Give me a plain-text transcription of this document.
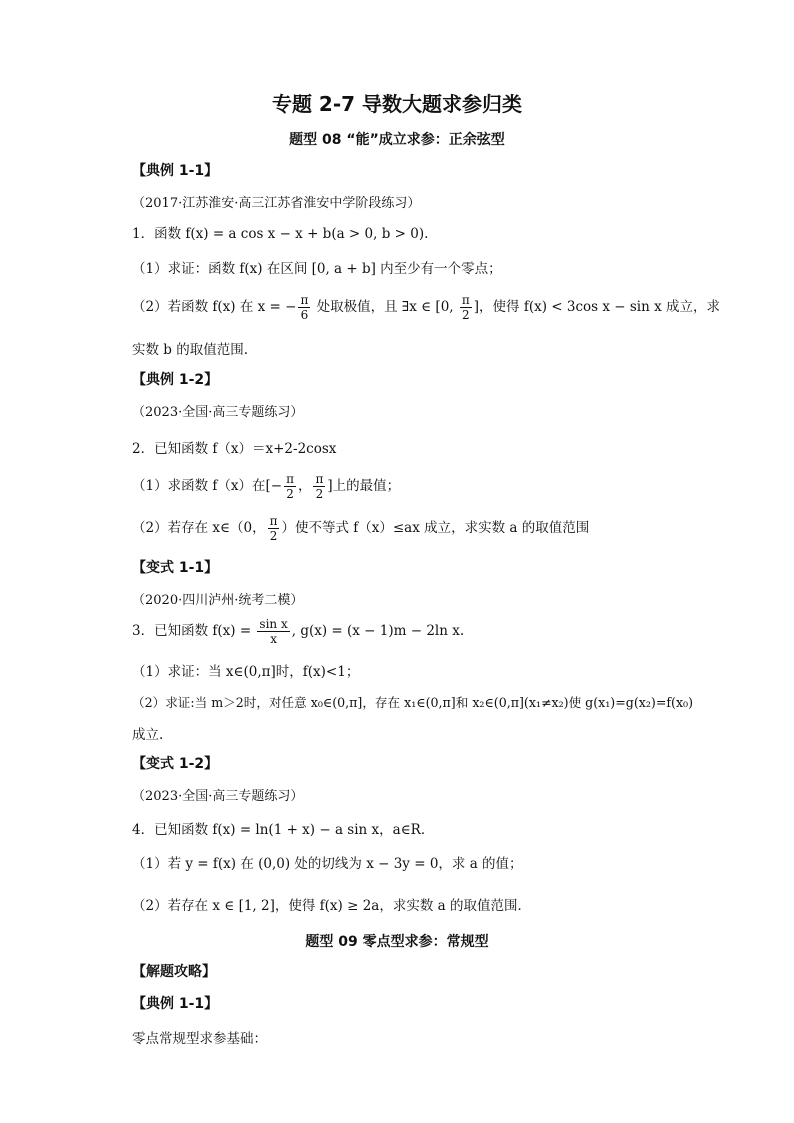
专题 2-7 导数大题求参归类
题型 08 “能”成立求参：正余弦型
【典例 1-1】
（2017·江苏淮安·高三江苏省淮安中学阶段练习）
1．函数 f(x) = a cos x − x + b(a > 0, b > 0).
（1）求证：函数 f(x) 在区间 [0, a + b] 内至少有一个零点；
（2）若函数 f(x) 在 x = − $\frac{\pi}{6}$ 处取极值，且 ∃x ∈ [0, $\frac{\pi}{2}$ ]，使得 f(x) < 3cos x − sin x 成立，求
实数 b 的取值范围.
【典例 1-2】
（2023·全国·高三专题练习）
2．已知函数 f（x）＝x+2-2cosx
（1）求函数 f（x）在[− $\frac{\pi}{2}$ ， $\frac{\pi}{2}$ ]上的最值；
（2）若存在 x∈（0， $\frac{\pi}{2}$ ）使不等式 f（x）≤ax 成立，求实数 a 的取值范围
【变式 1-1】
（2020·四川泸州·统考二模）
3．已知函数 $f(x) = \frac{\text{sin x}}{x}$ , g(x) = (x − 1)m − 2ln x.
（1）求证：当 x∈(0,π]时，f(x)<1；
（2）求证:当 m＞2时，对任意 x₀∈(0,π]，存在 x₁∈(0,π]和 x₂∈(0,π](x₁≠x₂)使 g(x₁)=g(x₂)=f(x₀)
成立.
【变式 1-2】
（2023·全国·高三专题练习）
4．已知函数 f(x) = ln(1 + x) − a sin x，a∈R．
（1）若 y = f(x) 在 (0,0) 处的切线为 x − 3y = 0，求 a 的值；
（2）若存在 x ∈ [1, 2]，使得 f(x) ≥ 2a，求实数 a 的取值范围．
题型 09 零点型求参：常规型
【解题攻略】
【典例 1-1】
零点常规型求参基础：
